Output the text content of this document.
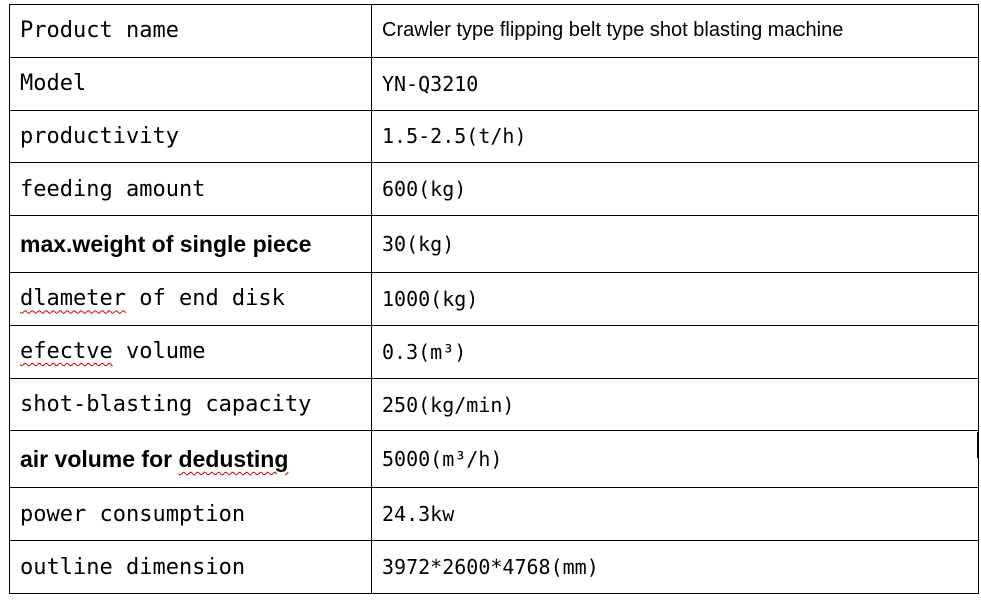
Product name	Crawler type flipping belt type shot blasting machine
Model	YN-Q3210
productivity	1.5-2.5(t/h)
feeding amount	600(kg)
max.weight of single piece	30(kg)
dlameter of end disk	1000(kg)
efectve volume	0.3(m³)
shot-blasting capacity	250(kg/min)
air volume for dedusting	5000(m³/h)
power consumption	24.3kw
outline dimension	3972*2600*4768(mm)
